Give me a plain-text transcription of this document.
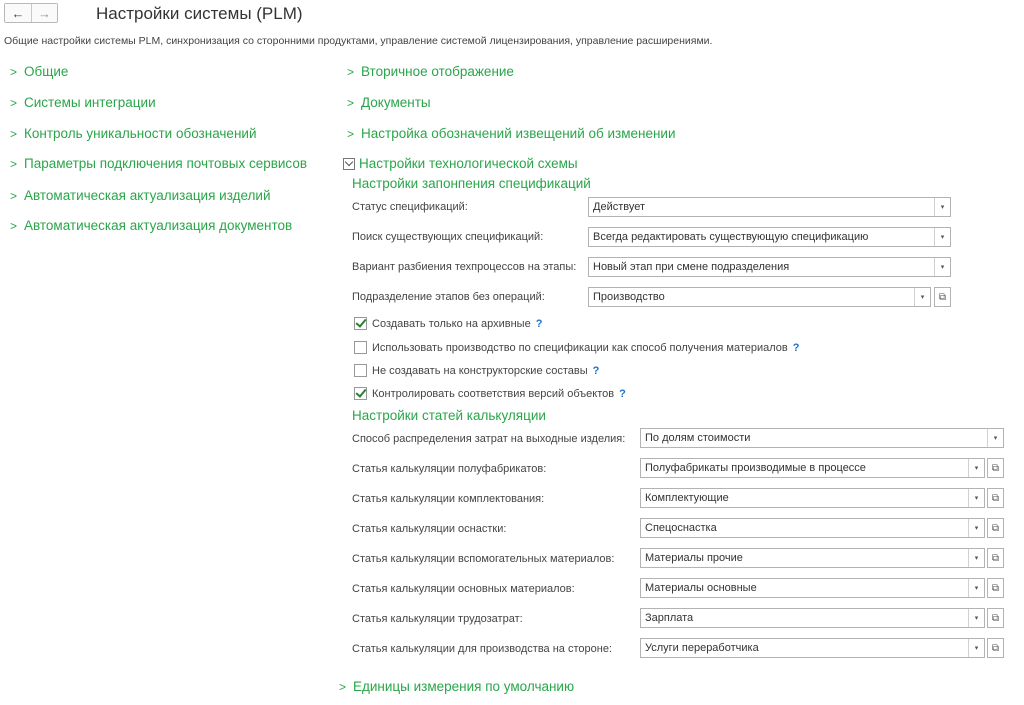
←	→	Настройки системы (PLM)
Общие настройки системы PLM, синхронизация со сторонними продуктами, управление системой лицензирования, управление расширениями.
> Общие
> Системы интеграции
> Контроль уникальности обозначений
> Параметры подключения почтовых сервисов
> Автоматическая актуализация изделий
> Автоматическая актуализация документов
> Вторичное отображение
> Документы
> Настройка обозначений извещений об изменении
Настройки технологической схемы
Настройки запонпения спецификаций
Статус спецификаций:	Действует	▾
Поиск существующих спецификаций:	Всегда редактировать существующую спецификацию	▾
Вариант разбиения техпроцессов на этапы:	Новый этап при смене подразделения	▾
Подразделение этапов без операций:	Производство	▾	⧉
Создавать только на архивные ?
Использовать производство по спецификации как способ получения материалов ?
Не создавать на конструкторские составы ?
Контролировать соответствия версий объектов ?
Настройки статей калькуляции
Способ распределения затрат на выходные изделия:	По долям стоимости	▾
Статья калькуляции полуфабрикатов:	Полуфабрикаты производимые в процессе	▾	⧉
Статья калькуляции комплектования:	Комплектующие	▾	⧉
Статья калькуляции оснастки:	Спецоснастка	▾	⧉
Статья калькуляции вспомогательных материалов:	Материалы прочие	▾	⧉
Статья калькуляции основных материалов:	Материалы основные	▾	⧉
Статья калькуляции трудозатрат:	Зарплата	▾	⧉
Статья калькуляции для производства на стороне:	Услуги переработчика	▾	⧉
> Единицы измерения по умолчанию
